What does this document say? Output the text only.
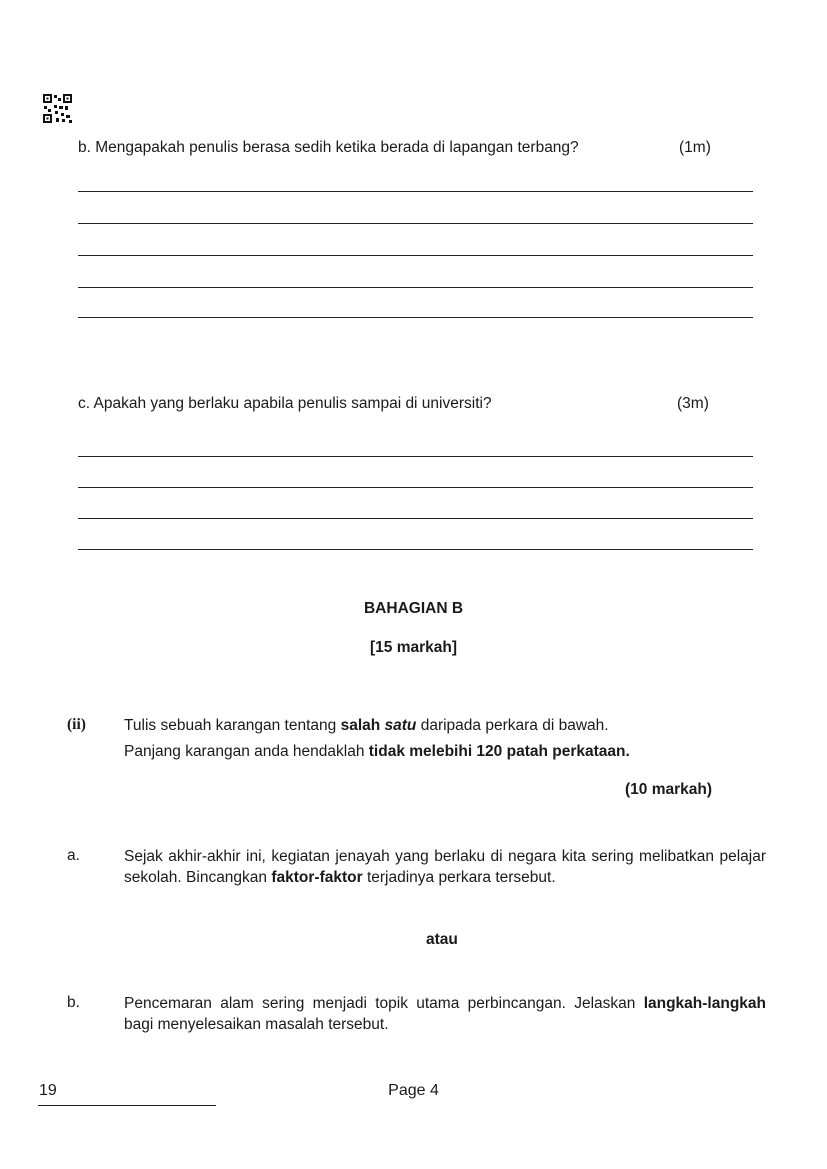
b. Mengapakah penulis berasa sedih ketika berada di lapangan terbang?	(1m)
c. Apakah yang berlaku apabila penulis sampai di universiti?	(3m)
BAHAGIAN B
[15 markah]
(ii) Tulis sebuah karangan tentang salah satu daripada perkara di bawah.
Panjang karangan anda hendaklah tidak melebihi 120 patah perkataan.
(10 markah)
a.	Sejak akhir-akhir ini, kegiatan jenayah yang berlaku di negara kita sering melibatkan pelajar sekolah. Bincangkan faktor-faktor terjadinya perkara tersebut.
atau
b.	Pencemaran alam sering menjadi topik utama perbincangan. Jelaskan langkah-langkah bagi menyelesaikan masalah tersebut.
19	Page 4
